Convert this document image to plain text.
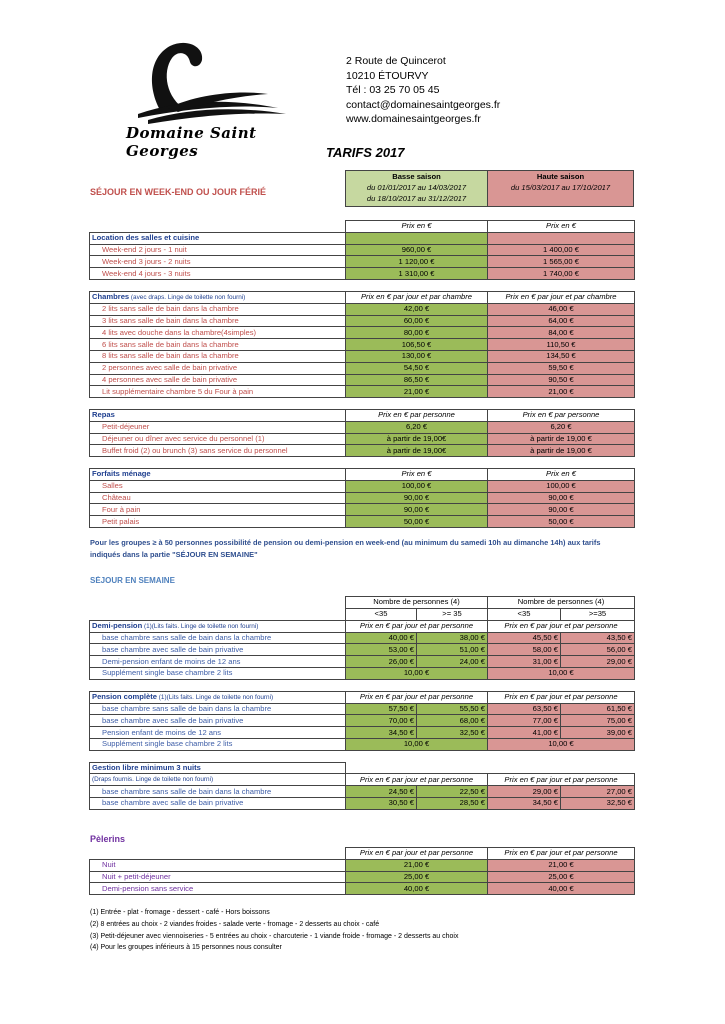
Domaine Saint Georges
2 Route de Quincerot
10210 ÉTOURVY
Tél : 03 25 70 05 45
contact@domainesaintgeorges.fr
www.domainesaintgeorges.fr
TARIFS 2017
SÉJOUR EN WEEK-END OU JOUR FÉRIÉ
Basse saison
du 01/01/2017 au 14/03/2017
du 18/10/2017 au 31/12/2017
Haute saison
du 15/03/2017 au 17/10/2017
	Prix en €	Prix en €
Location des salles et cuisine		
Week-end 2 jours - 1 nuit	960,00 €	1 400,00 €
Week-end 3 jours - 2 nuits	1 120,00 €	1 565,00 €
Week-end 4 jours - 3 nuits	1 310,00 €	1 740,00 €

Chambres (avec draps. Linge de toilette non fourni)	Prix en € par jour et par chambre	Prix en € par jour et par chambre
2 lits sans salle de bain dans la chambre	42,00 €	46,00 €
3 lits sans salle de bain dans la chambre	60,00 €	64,00 €
4 lits avec douche dans la chambre(4simples)	80,00 €	84,00 €
6 lits sans salle de bain dans la chambre	106,50 €	110,50 €
8 lits sans salle de bain dans la chambre	130,00 €	134,50 €
2 personnes avec salle de bain privative	54,50 €	59,50 €
4 personnes avec salle de bain privative	86,50 €	90,50 €
Lit supplémentaire chambre 5 du Four à pain	21,00 €	21,00 €

Repas	Prix en € par personne	Prix en € par personne
Petit-déjeuner	6,20 €	6,20 €
Déjeuner ou dîner avec service du personnel (1)	à partir de 19,00€	à partir de 19,00 €
Buffet froid (2) ou brunch (3) sans service du personnel	à partir de 19,00€	à partir de 19,00 €

Forfaits ménage	Prix en €	Prix en €
Salles	100,00 €	100,00 €
Château	90,00 €	90,00 €
Four à pain	90,00 €	90,00 €
Petit palais	50,00 €	50,00 €
Pour les groupes ≥ à 50 personnes possibilité de pension ou demi-pension en week-end (au minimum du samedi 10h au dimanche 14h) aux tarifs indiqués dans la partie "SÉJOUR EN SEMAINE"
SÉJOUR EN SEMAINE
	Nombre de personnes (4)		Nombre de personnes (4)	
	<35	>= 35	<35	>=35
Demi-pension (1)(Lits faits. Linge de toilette non fourni)	Prix en € par jour et par personne		Prix en € par jour et par personne	
base chambre sans salle de bain dans la chambre	40,00 €	38,00 €	45,50 €	43,50 €
base chambre avec salle de bain privative	53,00 €	51,00 €	58,00 €	56,00 €
Demi-pension enfant de moins de 12 ans	26,00 €	24,00 €	31,00 €	29,00 €
Supplément single base chambre 2 lits	10,00 €		10,00 €	

Pension complète (1)(Lits faits. Linge de toilette non fourni)	Prix en € par jour et par personne		Prix en € par jour et par personne	
base chambre sans salle de bain dans la chambre	57,50 €	55,50 €	63,50 €	61,50 €
base chambre avec salle de bain privative	70,00 €	68,00 €	77,00 €	75,00 €
Pension enfant de moins de 12 ans	34,50 €	32,50 €	41,00 €	39,00 €
Supplément single base chambre 2 lits	10,00 €		10,00 €	

Gestion libre minimum 3 nuits				
(Draps fournis. Linge de toilette non fourni)	Prix en € par jour et par personne		Prix en € par jour et par personne	
base chambre sans salle de bain dans la chambre	24,50 €	22,50 €	29,00 €	27,00 €
base chambre avec salle de bain privative	30,50 €	28,50 €	34,50 €	32,50 €
Pèlerins
	Prix en € par jour et par personne	Prix en € par jour et par personne
Nuit	21,00 €	21,00 €
Nuit + petit-déjeuner	25,00 €	25,00 €
Demi-pension sans service	40,00 €	40,00 €
(1) Entrée - plat - fromage - dessert - café - Hors boissons
(2) 8 entrées au choix - 2 viandes froides - salade verte - fromage - 2 desserts au choix - café
(3) Petit-déjeuner avec viennoiseries - 5 entrées au choix - charcuterie - 1 viande froide - fromage - 2 desserts au choix
(4) Pour les groupes inférieurs à 15 personnes nous consulter
